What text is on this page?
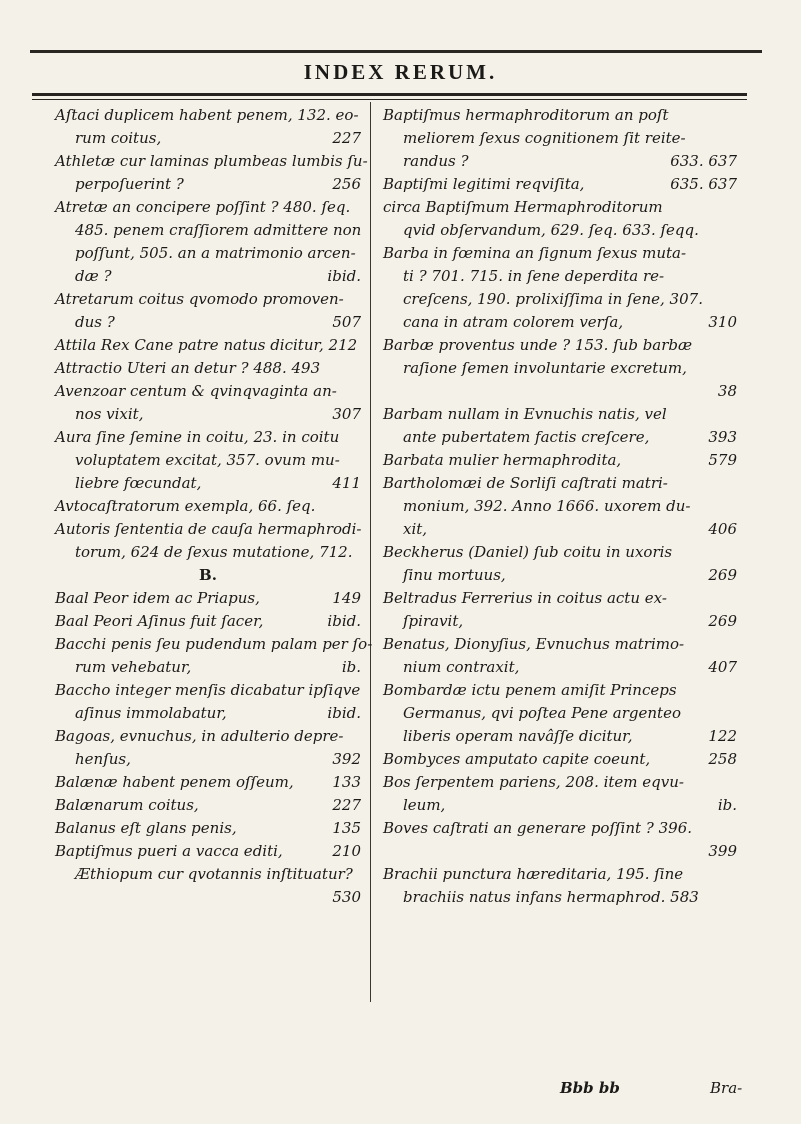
INDEX RERUM.
Aſtaci duplicem habent penem, 132. eo-
rum coitus,	227
Athletæ cur laminas plumbeas lumbis ſu-
perpoſuerint ?	256
Atretæ an concipere poſſint ? 480. ſeq.
485. penem craſſiorem admittere non
poſſunt, 505. an a matrimonio arcen-
dæ ?	ibid.
Atretarum coitus qvomodo promoven-
dus ?	507
Attila Rex Cane patre natus dicitur, 212
Attractio Uteri an detur ? 488. 493
Avenzoar centum & qvinqvaginta an-
nos vixit,	307
Aura ſine ſemine in coitu, 23. in coitu
voluptatem excitat, 357. ovum mu-
liebre fœcundat,	411
Avtocaſtratorum exempla, 66. ſeq.
Autoris ſententia de cauſa hermaphrodi-
torum, 624 de ſexus mutatione, 712.
B.
Baal Peor idem ac Priapus,	149
Baal Peori Aſinus fuit ſacer,	ibid.
Bacchi penis ſeu pudendum palam per ſo-
rum vehebatur,	ib.
Baccho integer menſis dicabatur ipſiqve
aſinus immolabatur,	ibid.
Bagoas, evnuchus, in adulterio depre-
henſus,	392
Balænæ habent penem oſſeum,	133
Balænarum coitus,	227
Balanus eſt glans penis,	135
Baptiſmus pueri a vacca editi,	210
Æthiopum cur qvotannis inſtituatur?
530
Baptiſmus hermaphroditorum an poſt
meliorem ſexus cognitionem ſit reite-
randus ?	633. 637
Baptiſmi legitimi reqviſita,	635. 637
circa Baptiſmum Hermaphroditorum
qvid obſervandum, 629. ſeq. 633. ſeqq.
Barba in fœmina an ſignum ſexus muta-
ti ? 701. 715. in ſene deperdita re-
creſcens, 190. prolixiſſima in ſene, 307.
cana in atram colorem verſa,	310
Barbæ proventus unde ? 153. ſub barbæ
raſione ſemen involuntarie excretum,
38
Barbam nullam in Evnuchis natis, vel
ante pubertatem factis creſcere,	393
Barbata mulier hermaphrodita,	579
Bartholomæi de Sorliſi caſtrati matri-
monium, 392. Anno 1666. uxorem du-
xit,	406
Beckherus (Daniel) ſub coitu in uxoris
ſinu mortuus,	269
Beltradus Ferrerius in coitus actu ex-
ſpiravit,	269
Benatus, Dionyſius, Evnuchus matrimo-
nium contraxit,	407
Bombardæ ictu penem amiſit Princeps
Germanus, qvi poſtea Pene argenteo
liberis operam navâſſe dicitur,	122
Bombyces amputato capite coeunt,	258
Bos ſerpentem pariens, 208. item eqvu-
leum,	ib.
Boves caſtrati an generare poſſint ? 396.
399
Brachii punctura hæreditaria, 195. ſine
brachiis natus infans hermaphrod. 583
Bbb bb	Bra-
